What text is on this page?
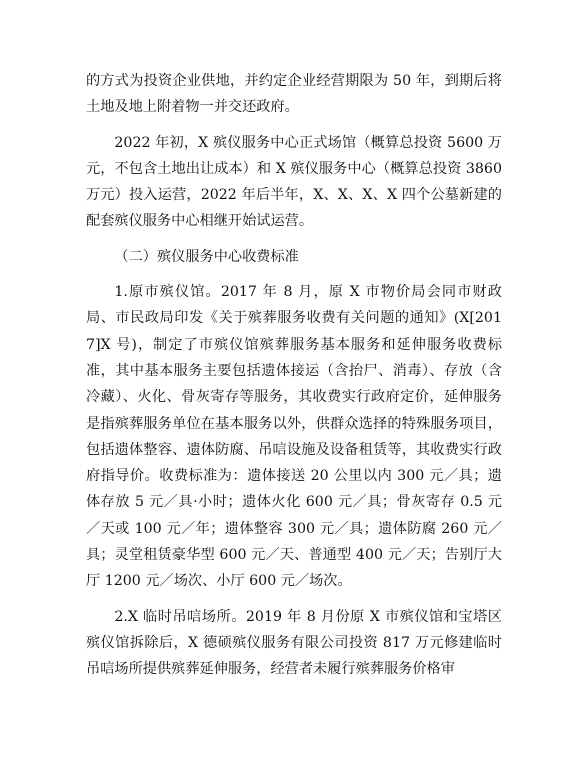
的方式为投资企业供地，并约定企业经营期限为 50 年，到期后将土地及地上附着物一并交还政府。

2022 年初，X 殡仪服务中心正式场馆（概算总投资 5600 万元，不包含土地出让成本）和 X 殡仪服务中心（概算总投资 3860 万元）投入运营，2022 年后半年，X、X、X、X 四个公墓新建的配套殡仪服务中心相继开始试运营。

（二）殡仪服务中心收费标准

1.原市殡仪馆。2017 年 8 月，原 X 市物价局会同市财政局、市民政局印发《关于殡葬服务收费有关问题的通知》(X[2017]X 号)，制定了市殡仪馆殡葬服务基本服务和延伸服务收费标准，其中基本服务主要包括遗体接运（含抬尸、消毒）、存放（含冷藏）、火化、骨灰寄存等服务，其收费实行政府定价，延伸服务是指殡葬服务单位在基本服务以外，供群众选择的特殊服务项目，包括遗体整容、遗体防腐、吊唁设施及设备租赁等，其收费实行政府指导价。收费标准为：遗体接送 20 公里以内 300 元／具；遗体存放 5 元／具·小时；遗体火化 600 元／具；骨灰寄存 0.5 元／天或 100 元／年；遗体整容 300 元／具；遗体防腐 260 元／具；灵堂租赁豪华型 600 元／天、普通型 400 元／天；告别厅大厅 1200 元／场次、小厅 600 元／场次。

2.X 临时吊唁场所。2019 年 8 月份原 X 市殡仪馆和宝塔区殡仪馆拆除后，X 德硕殡仪服务有限公司投资 817 万元修建临时吊唁场所提供殡葬延伸服务，经营者未履行殡葬服务价格审
